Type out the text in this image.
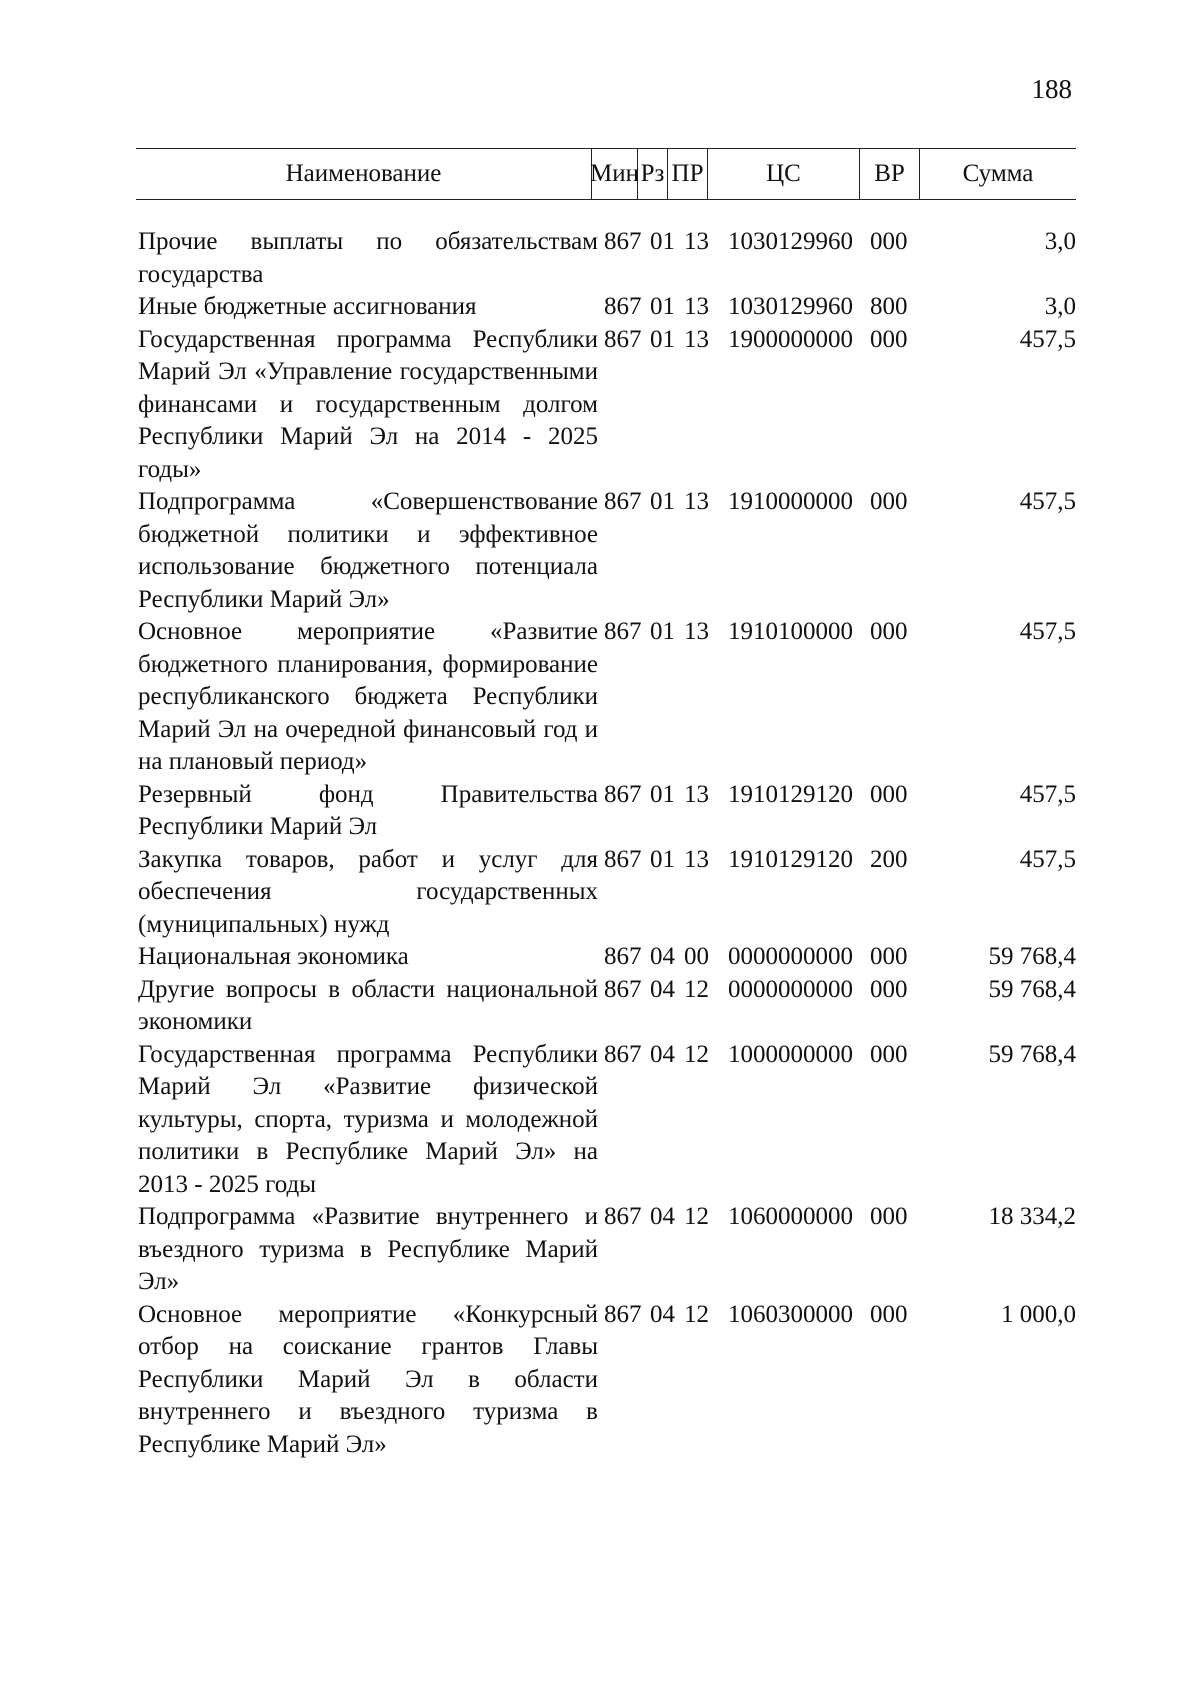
188
Наименование	Мин Рз ПР	ЦС	ВР	Сумма
Прочие выплаты по обязательствам государства
867 01 13 1030129960 000	3,0
Иные бюджетные ассигнования	867 01 13 1030129960 800	3,0
Государственная программа Республики Марий Эл «Управление государственными финансами и государственным долгом Республики Марий Эл на 2014 - 2025 годы»
867 01 13 1900000000 000	457,5
Подпрограмма «Совершенствование бюджетной политики и эффективное использование бюджетного потенциала Республики Марий Эл»
867 01 13 1910000000 000	457,5
Основное мероприятие «Развитие бюджетного планирования, формирование республиканского бюджета Республики Марий Эл на очередной финансовый год и на плановый период»
867 01 13 1910100000 000	457,5
Резервный фонд Правительства Республики Марий Эл
867 01 13 1910129120 000	457,5
Закупка товаров, работ и услуг для обеспечения государственных (муниципальных) нужд
867 01 13 1910129120 200	457,5
Национальная экономика	867 04 00 0000000000 000	59 768,4
Другие вопросы в области национальной экономики
867 04 12 0000000000 000	59 768,4
Государственная программа Республики Марий Эл «Развитие физической культуры, спорта, туризма и молодежной политики в Республике Марий Эл» на 2013 - 2025 годы
867 04 12 1000000000 000	59 768,4
Подпрограмма «Развитие внутреннего и въездного туризма в Республике Марий Эл»
867 04 12 1060000000 000	18 334,2
Основное мероприятие «Конкурсный отбор на соискание грантов Главы Республики Марий Эл в области внутреннего и въездного туризма в Республике Марий Эл»
867 04 12 1060300000 000	1 000,0
